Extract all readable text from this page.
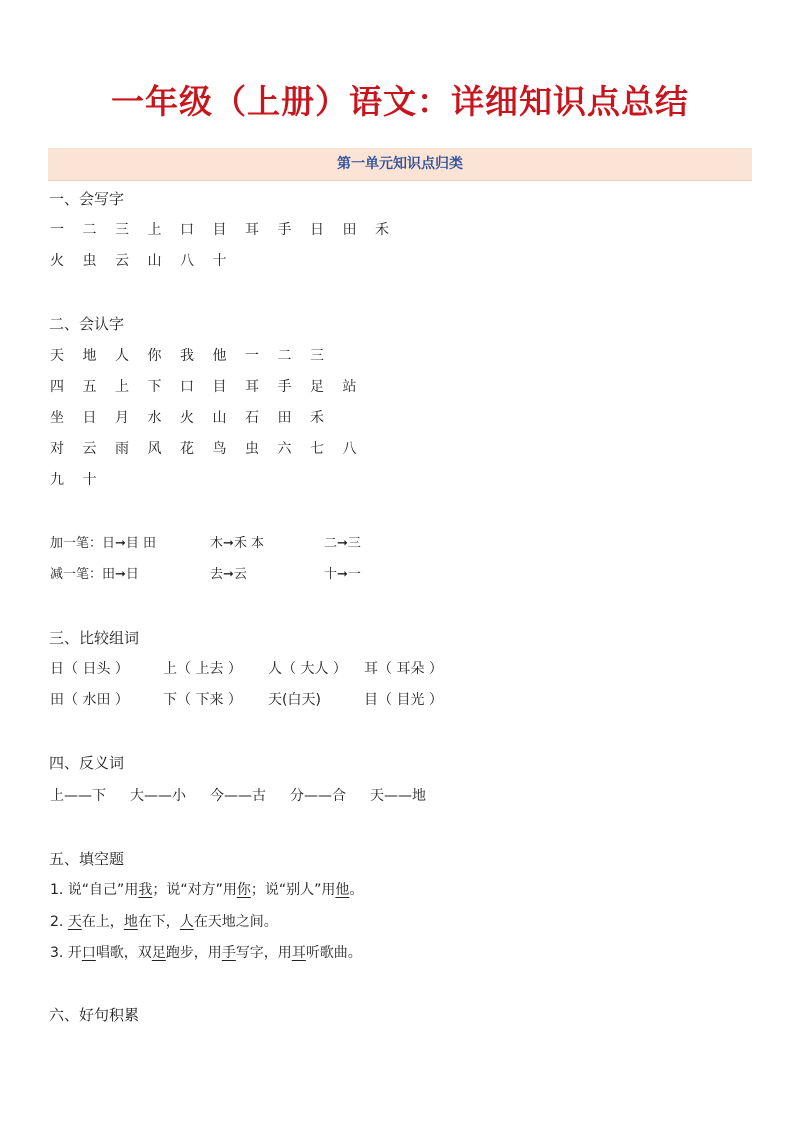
一年级（上册）语文：详细知识点总结
第一单元知识点归类
一、会写字
一 二 三 上 口 目 耳 手 日 田 禾
火 虫 云 山 八 十
二、会认字
天 地 人 你 我 他 一 二 三
四 五 上 下 口 目 耳 手 足 站
坐 日 月 水 火 山 石 田 禾
对 云 雨 风 花 鸟 虫 六 七 八
九 十
加一笔：日➞目 田	木➞禾 本	二➞三
减一笔：田➞日	去➞云	十➞一
三、比较组词
日（ 日头 ） 上（ 上去 ） 人（ 大人 ） 耳（ 耳朵 ）
田（ 水田 ） 下（ 下来 ） 天(白天)	目（ 目光 ）
四、反义词
上——下 大——小 今——古 分——合 天——地
五、填空题
1. 说“自己”用我；说“对方”用你；说“别人”用他。
2. 天在上，地在下，人在天地之间。
3. 开口唱歌，双足跑步，用手写字，用耳听歌曲。
六、好句积累
